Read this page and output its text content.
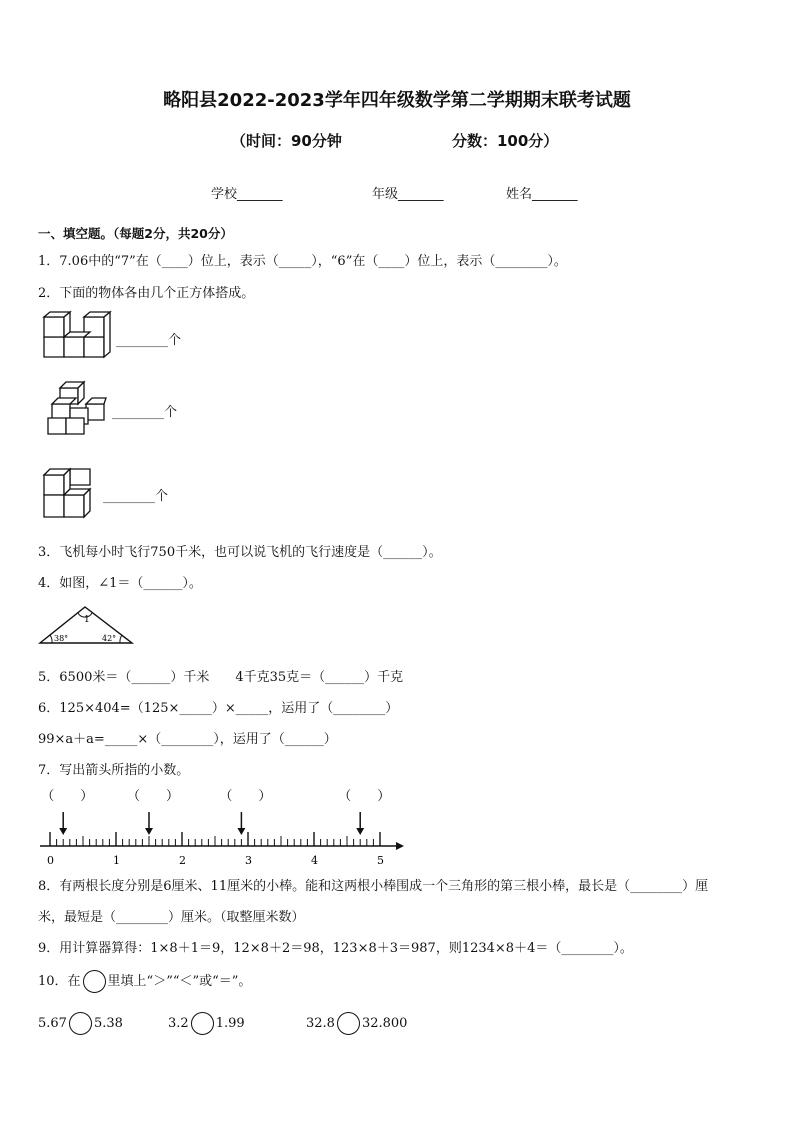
略阳县2022-2023学年四年级数学第二学期期末联考试题
（时间：90分钟	分数：100分）
学校_______	年级_______	姓名_______
一、填空题。（每题2分，共20分）
1．7.06中的“7”在（____）位上，表示（_____），“6”在（____）位上，表示（________）。
2．下面的物体各由几个正方体搭成。
________个
________个
________个
3．飞机每小时飞行750千米，也可以说飞机的飞行速度是（______）。
4．如图，∠1＝（______）。
1
38°	42°
5．6500米＝（______）千米　　4千克35克＝（______）千克
6．125×404=（125×_____）×_____，运用了（________）
99×a＋a=_____×（________），运用了（______）
7．写出箭头所指的小数。
0	1	2	3	4	5
（　　）	（　　）	（　　）	（　　）
8．有两根长度分别是6厘米、11厘米的小棒。能和这两根小棒围成一个三角形的第三根小棒，最长是（________）厘
米，最短是（________）厘米。（取整厘米数）
9．用计算器算得：1×8＋1＝9，12×8＋2＝98，123×8＋3＝987，则1234×8＋4＝（________）。
10．在 里填上“＞”“＜”或“＝”。
5.67 5.38	3.2 1.99	32.8 32.800
